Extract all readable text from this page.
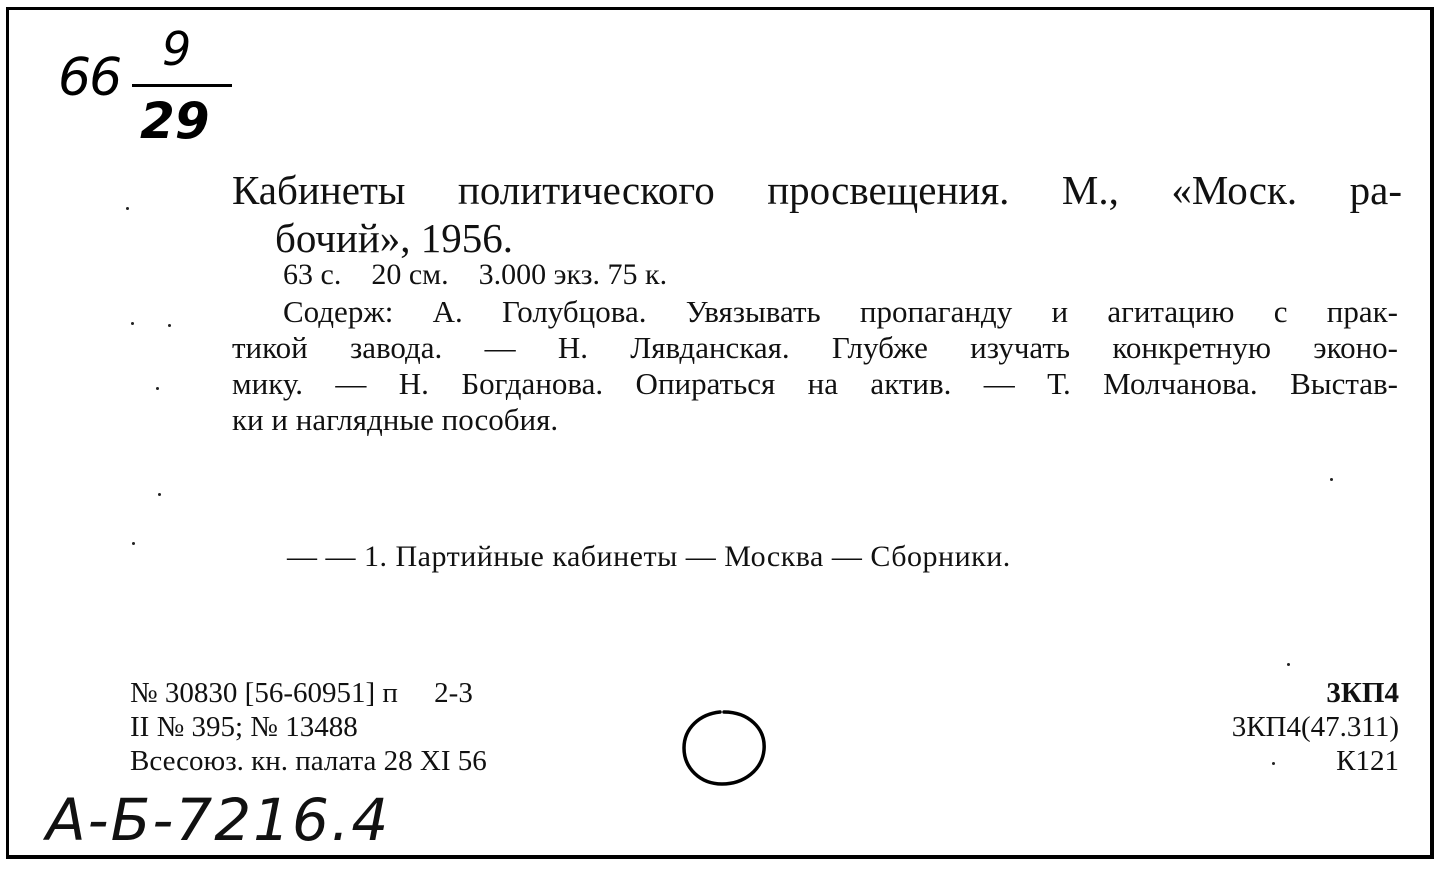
66 9
29
Кабинеты политического просвещения. М., «Моск. ра-
бочий», 1956.
63 с.    20 см.    3.000 экз. 75 к.
Содерж: А. Голубцова. Увязывать пропаганду и агитацию с прак-
тикой завода. — Н. Лявданская. Глубже изучать конкретную эконо-
мику. — Н. Богданова. Опираться на актив. — Т. Молчанова. Выстав-
ки и наглядные пособия.
— — 1. Партийные кабинеты — Москва — Сборники.
№ 30830 [56-60951] п     2-3
II № 395; № 13488
Всесоюз. кн. палата 28 XI 56
3КП4
3КП4(47.311)
К121
А-Б-7216.4
